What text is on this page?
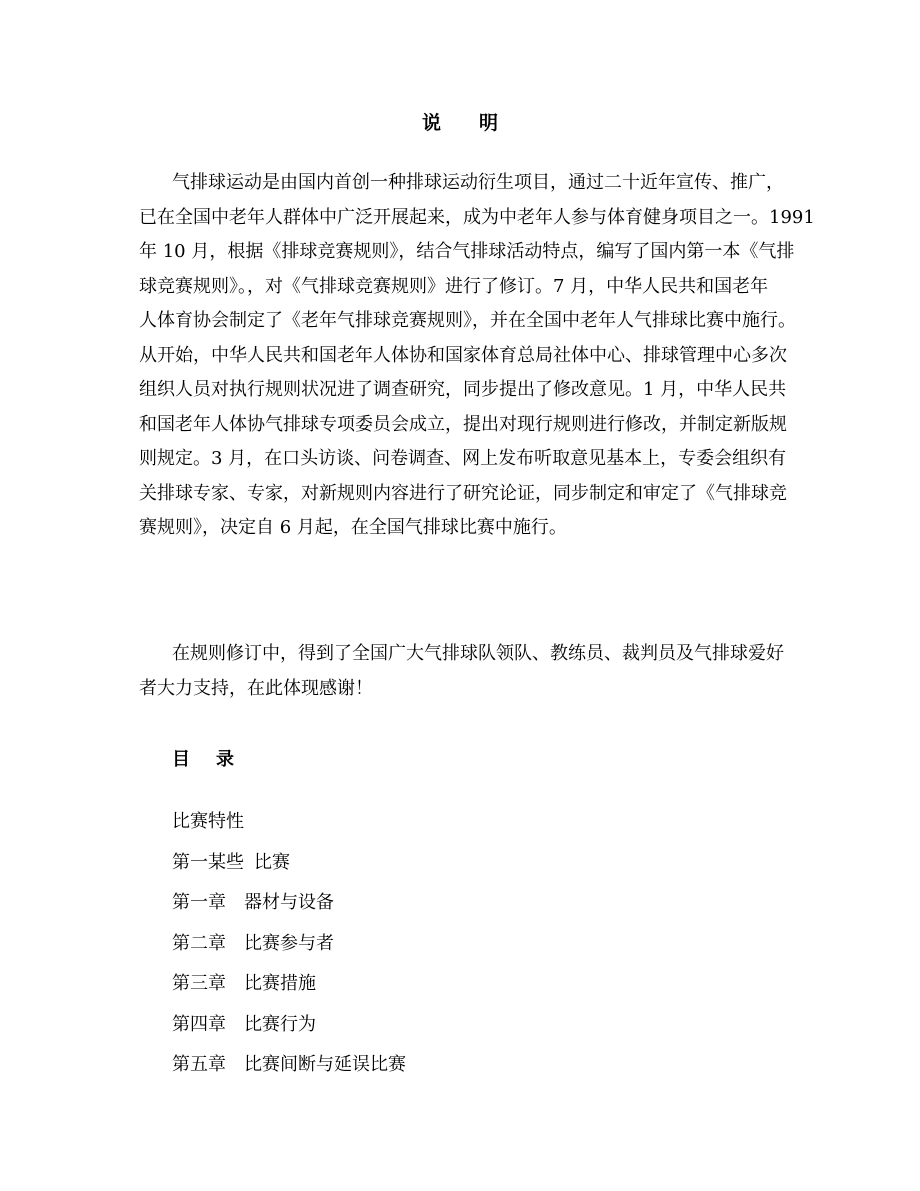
说 明
气排球运动是由国内首创一种排球运动衍生项目，通过二十近年宣传、推广，
已在全国中老年人群体中广泛开展起来，成为中老年人参与体育健身项目之一。1991
年 10 月，根据《排球竞赛规则》，结合气排球活动特点，编写了国内第一本《气排
球竞赛规则》。，对《气排球竞赛规则》进行了修订。7 月，中华人民共和国老年
人体育协会制定了《老年气排球竞赛规则》，并在全国中老年人气排球比赛中施行。
从开始，中华人民共和国老年人体协和国家体育总局社体中心、排球管理中心多次
组织人员对执行规则状况进了调查研究，同步提出了修改意见。1 月，中华人民共
和国老年人体协气排球专项委员会成立，提出对现行规则进行修改，并制定新版规
则规定。3 月，在口头访谈、问卷调查、网上发布听取意见基本上，专委会组织有
关排球专家、专家，对新规则内容进行了研究论证，同步制定和审定了《气排球竞
赛规则》，决定自 6 月起，在全国气排球比赛中施行。
在规则修订中，得到了全国广大气排球队领队、教练员、裁判员及气排球爱好
者大力支持，在此体现感谢！
目 录
比赛特性
第一某些 比赛
第一章 器材与设备
第二章 比赛参与者
第三章 比赛措施
第四章 比赛行为
第五章 比赛间断与延误比赛
